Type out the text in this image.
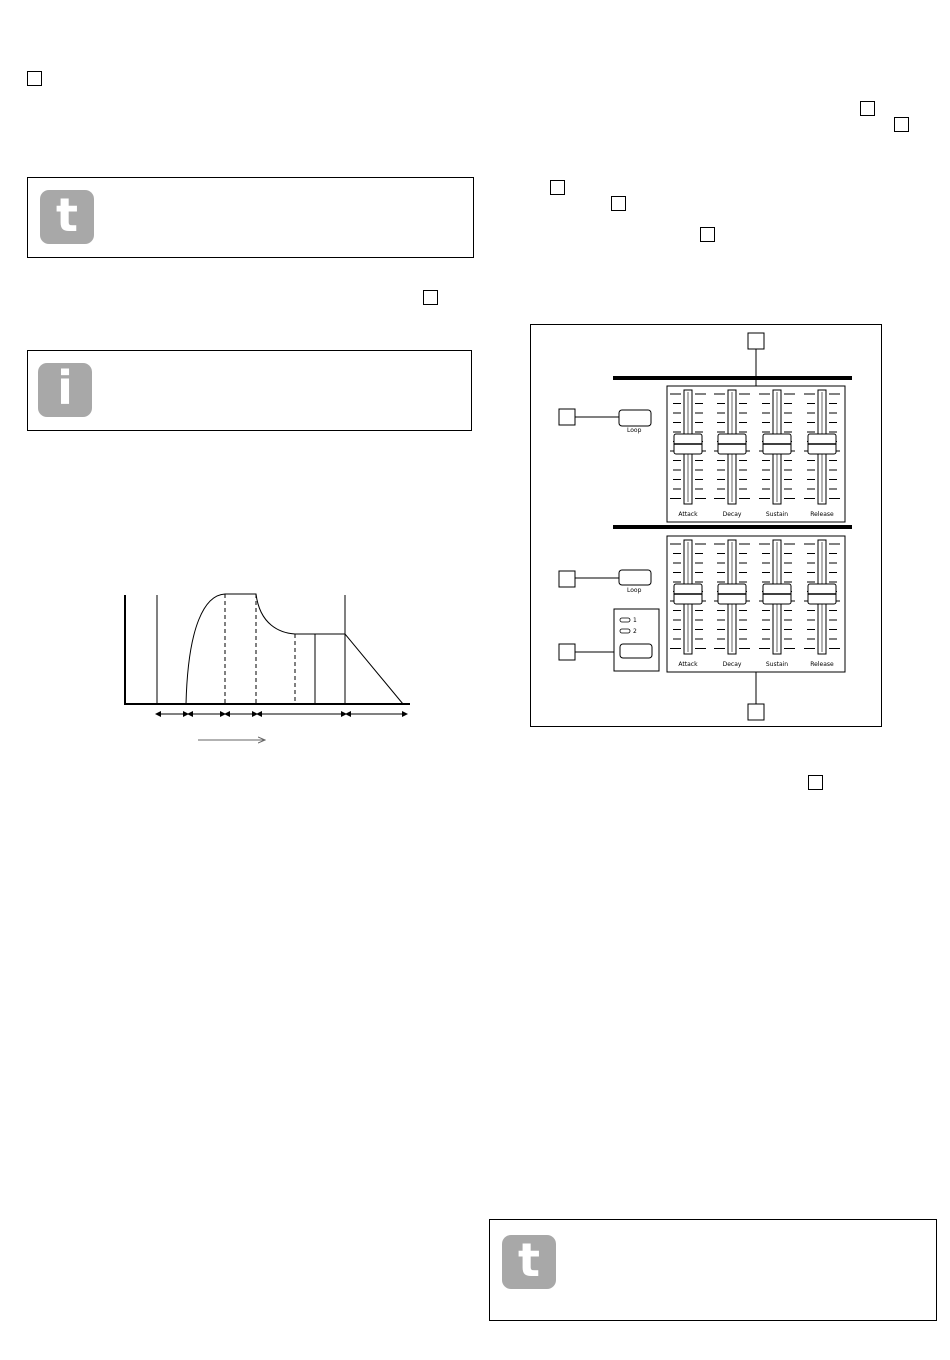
t
i
Attack	Decay	Sustain	Release
Attack	Decay	Sustain	Release
Loop
Loop
1
2
t
